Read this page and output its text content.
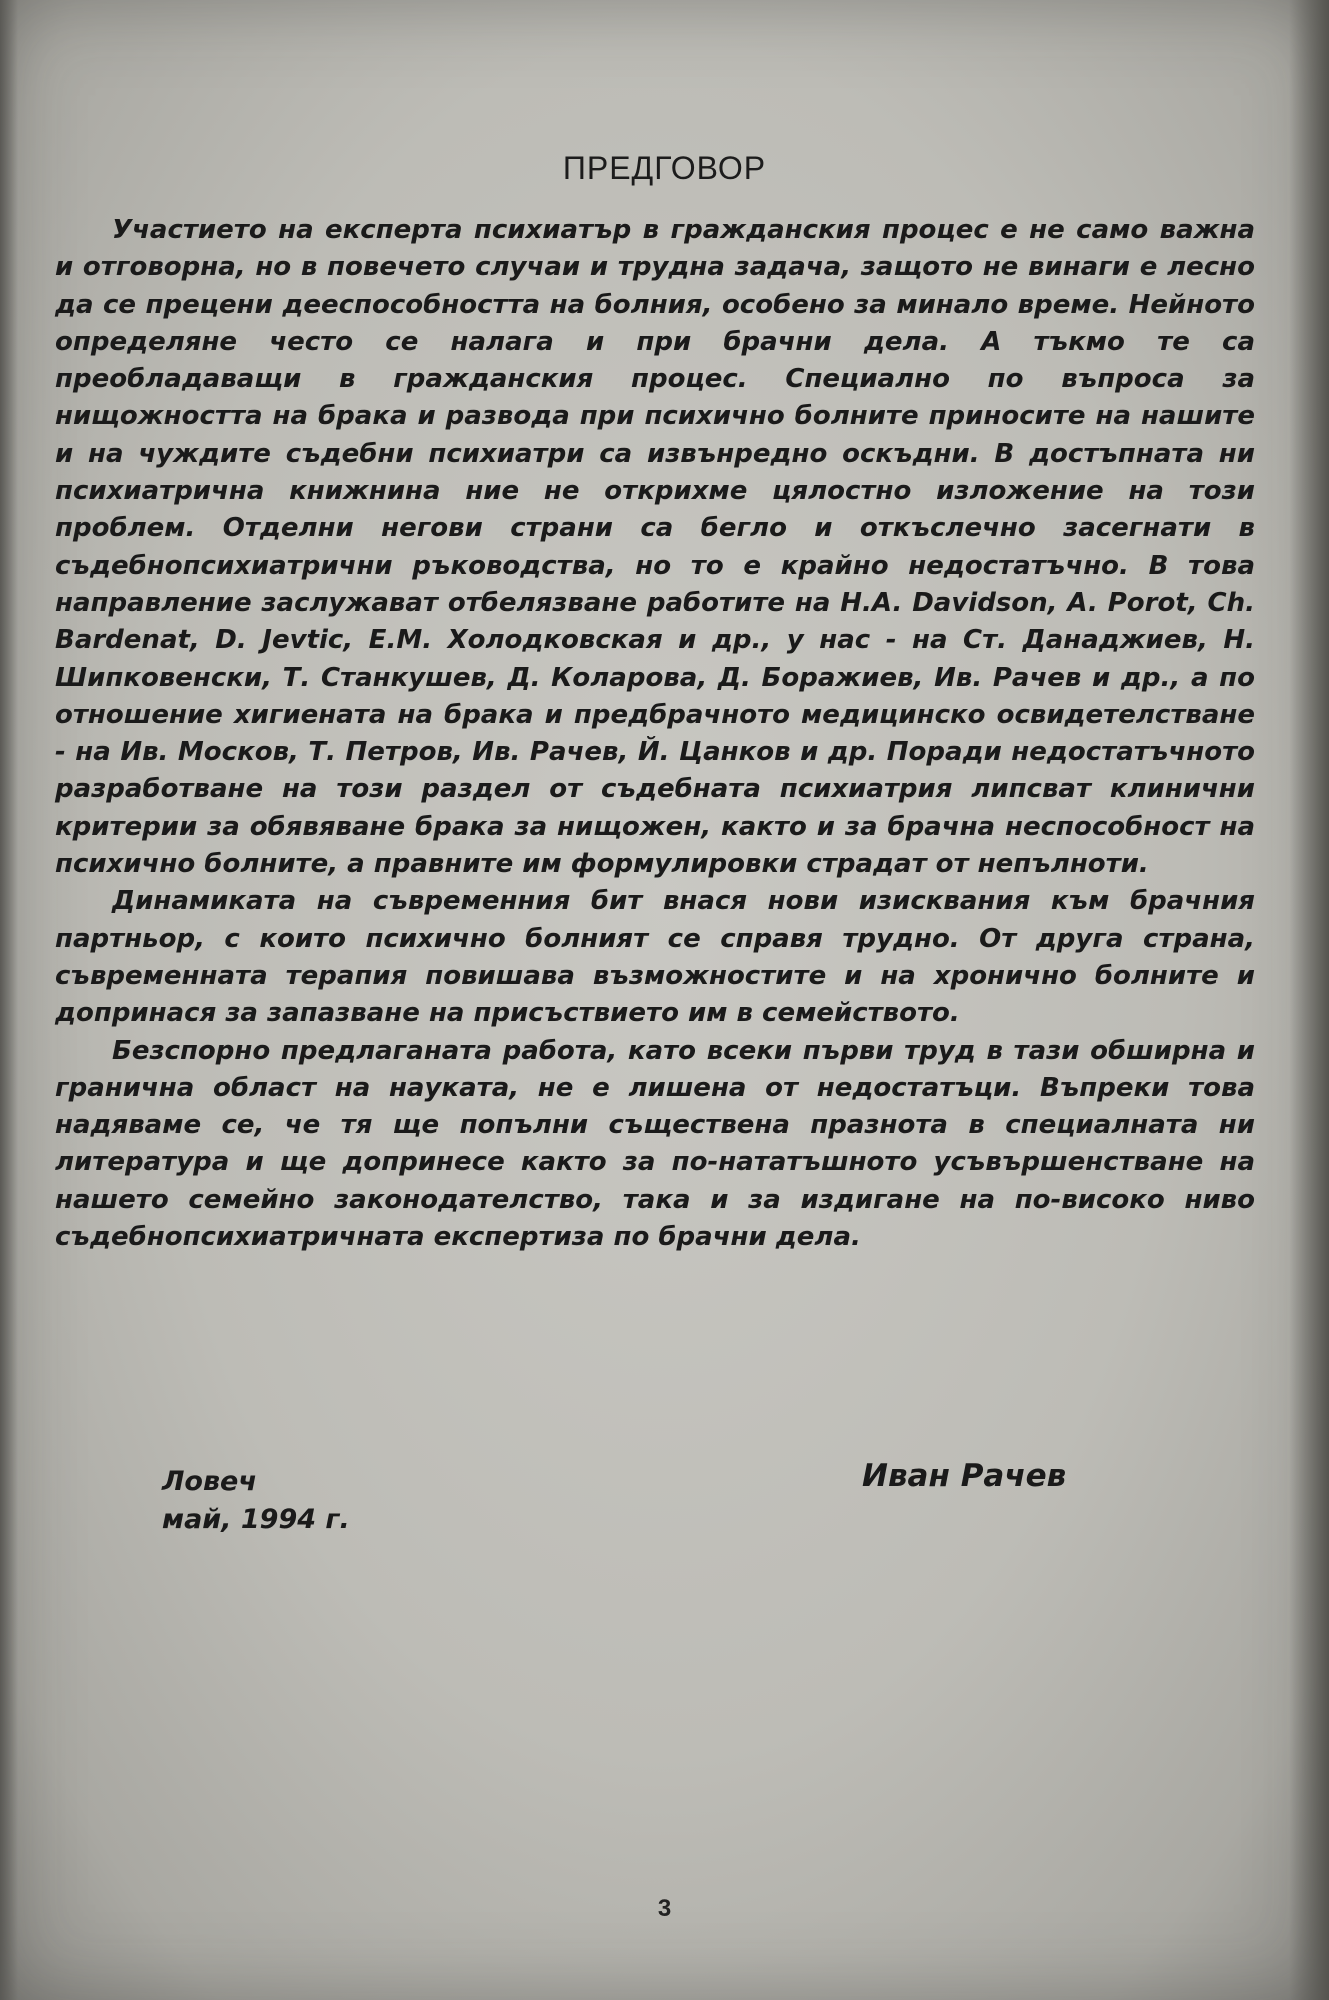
ПРЕДГОВОР

Участието на експерта психиатър в гражданския процес е не само важна и отговорна, но в повечето случаи и трудна задача, защото не винаги е лесно да се прецени дееспособността на болния, особено за минало време. Нейното определяне често се налага и при брачни дела. А тъкмо те са преобладаващи в гражданския процес. Специално по въпроса за нищожността на брака и развода при психично болните приносите на нашите и на чуждите съдебни психиатри са извънредно оскъдни. В достъпната ни психиатрична книжнина ние не открихме цялостно изложение на този проблем. Отделни негови страни са бегло и откъслечно засегнати в съдебнопсихиатрични ръководства, но то е крайно недостатъчно. В това направление заслужават отбелязване работите на H.A. Davidson, A. Porot, Ch. Bardenat, D. Jevtic, E.M. Холодковская и др., у нас - на Ст. Данаджиев, Н. Шипковенски, Т. Станкушев, Д. Коларова, Д. Боражиев, Ив. Рачев и др., а по отношение хигиената на брака и предбрачното медицинско освидетелстване - на Ив. Москов, Т. Петров, Ив. Рачев, Й. Цанков и др. Поради недостатъчното разработване на този раздел от съдебната психиатрия липсват клинични критерии за обявяване брака за нищожен, както и за брачна неспособност на психично болните, а правните им формулировки страдат от непълноти.

Динамиката на съвременния бит внася нови изисквания към брачния партньор, с които психично болният се справя трудно. От друга страна, съвременната терапия повишава възможностите и на хронично болните и допринася за запазване на присъствието им в семейството.

Безспорно предлаганата работа, като всеки първи труд в тази обширна и гранична област на науката, не е лишена от недостатъци. Въпреки това надяваме се, че тя ще попълни съществена празнота в специалната ни литература и ще допринесе както за по-нататъшното усъвършенстване на нашето семейно законодателство, така и за издигане на по-високо ниво съдебнопсихиатричната експертиза по брачни дела.

Ловеч
май, 1994 г.
Иван Рачев
3
